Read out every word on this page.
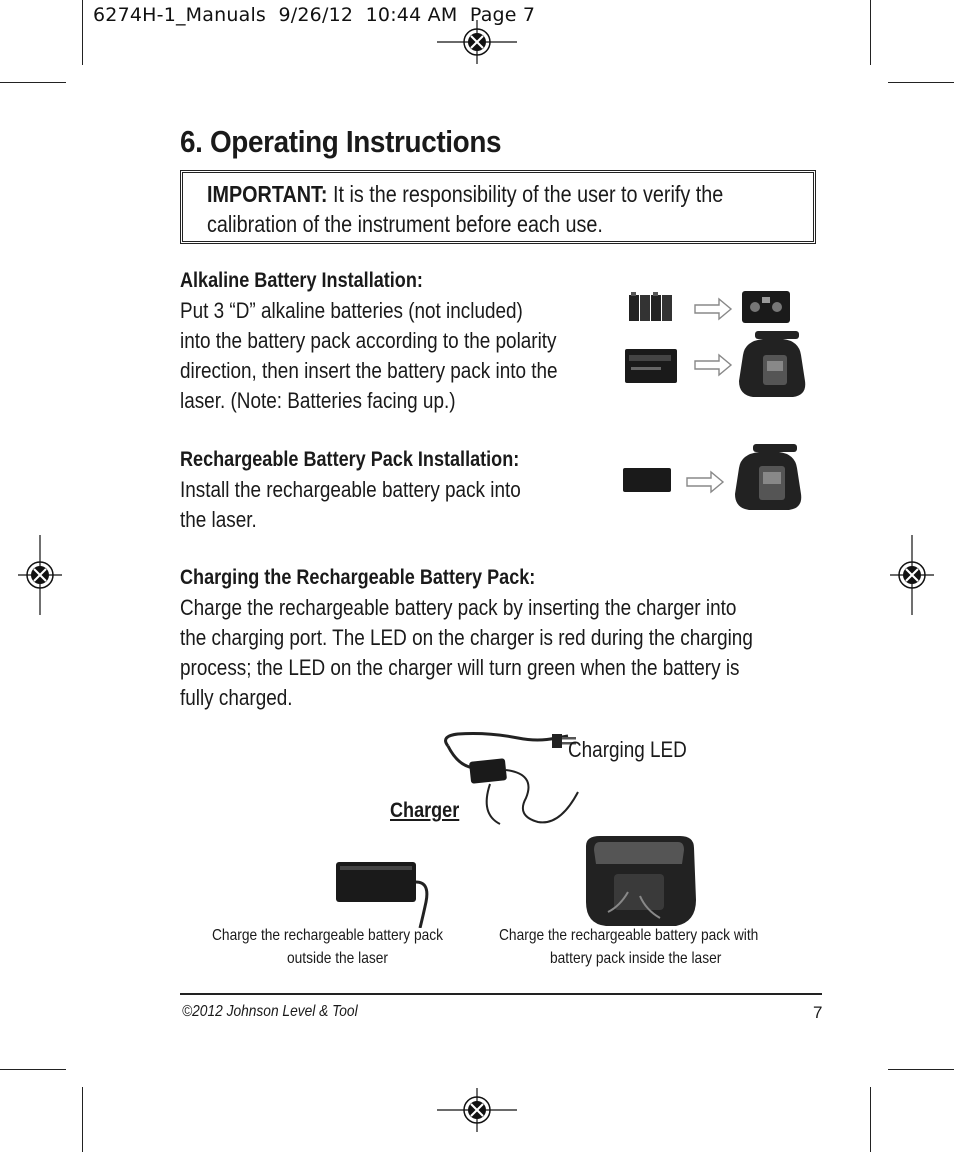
6274H-1_Manuals  9/26/12  10:44 AM  Page 7
6. Operating Instructions
IMPORTANT: It is the responsibility of the user to verify the
calibration of the instrument before each use.
Alkaline Battery Installation:
Put 3 “D” alkaline batteries (not included)
into the battery pack according to the polarity
direction, then insert the battery pack into the
laser. (Note: Batteries facing up.)
Rechargeable Battery Pack Installation:
Install the rechargeable battery pack into
the laser.
Charging the Rechargeable Battery Pack:
Charge the rechargeable battery pack by inserting the charger into
the charging port. The LED on the charger is red during the charging
process; the LED on the charger will turn green when the battery is
fully charged.
Charging LED
Charger
Charge the rechargeable battery pack
outside the laser
Charge the rechargeable battery pack with
battery pack inside the laser
©2012 Johnson Level & Tool	7
